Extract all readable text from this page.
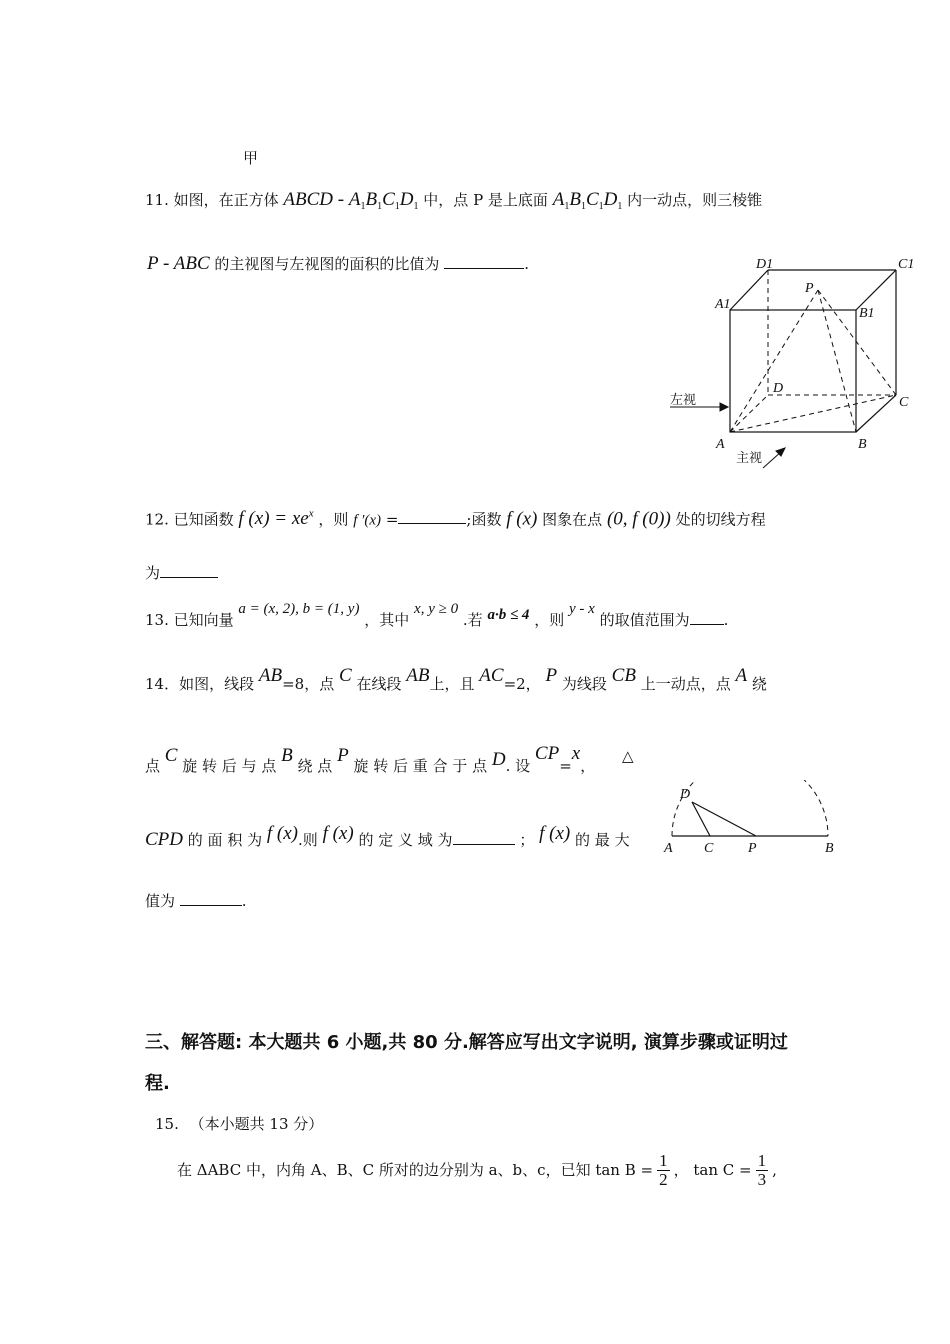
甲
11. 如图，在正方体 ABCD - $A_1B_1C_1D_1$ 中，点 P 是上底面 $A_1B_1C_1D_1$ 内一动点，则三棱锥
P - ABC 的主视图与左视图的面积的比值为	.	D1	C1
P
A1
B1
D
C
A	B
左视
主视
12. 已知函数 f $(x) = xe^x$ ，则 f ′(x) =	;函数 f (x) 图象在点 (0, f (0)) 处的切线方程
为
13. 已知向量 a = (x, 2), b = (1, y) ，其中 x, y ≥ 0 .若 a·b ≤ 4 ，则 y - x 的取值范围为 .
14．如图，线段 AB=8，点 C 在线段 AB上，且 AC=2， P 为线段 CB 上一动点，点 A 绕
点 C 旋 转 后 与 点 B 绕 点 P 旋 转 后 重 合 于 点 D. 设 CP=x， △
CPD 的 面 积 为 f (x).则 f (x) 的 定 义 域 为	； f (x) 的 最 大
值为	.
D
A C P	B
三、解答题: 本大题共 6 小题,共 80 分.解答应写出文字说明, 演算步骤或证明过
程.
15. （本小题共 13 分）
在 ΔABC 中，内角 A、B、C 所对的边分别为 a、b、c，已知 $\tan B = \frac{1}{2}$ ， $\tan C = \frac{1}{3}$ ,
